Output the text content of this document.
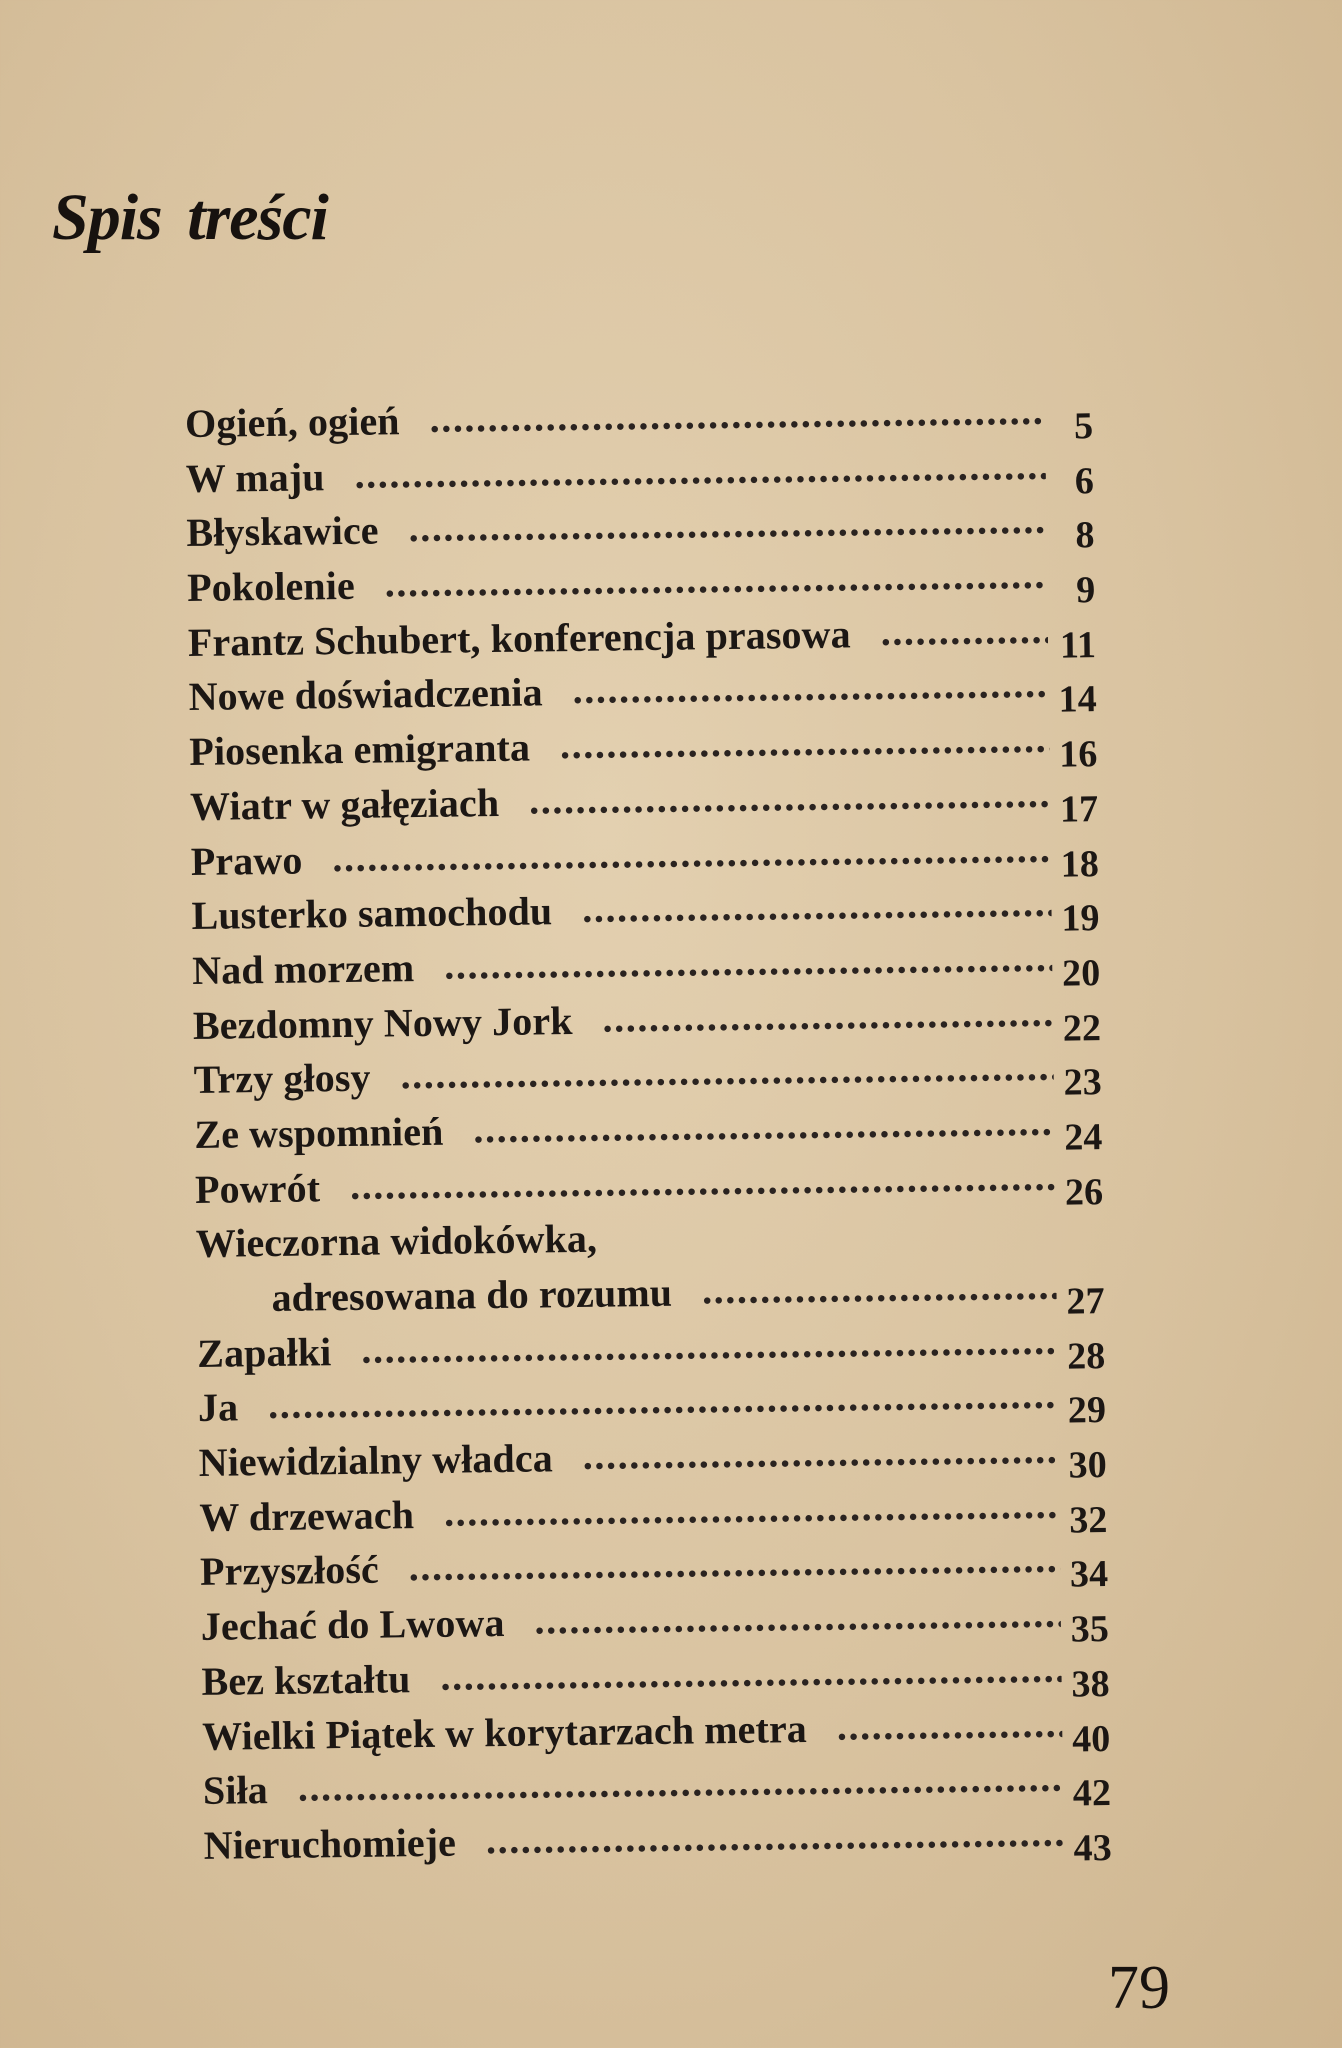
Spis treści
Ogień, ogień . . .	5
W maju . . .	6
Błyskawice . . .	8
Pokolenie . . .	9
Frantz Schubert, konferencja prasowa . . .	11
Nowe doświadczenia . . .	14
Piosenka emigranta . . .	16
Wiatr w gałęziach . . .	17
Prawo . . .	18
Lusterko samochodu . . .	19
Nad morzem . . .	20
Bezdomny Nowy Jork . . .	22
Trzy głosy . . .	23
Ze wspomnień . . .	24
Powrót . . .	26
Wieczorna widokówka,
adresowana do rozumu . . .	27
Zapałki . . .	28
Ja . . .	29
Niewidzialny władca . . .	30
W drzewach . . .	32
Przyszłość . . .	34
Jechać do Lwowa . . .	35
Bez kształtu . . .	38
Wielki Piątek w korytarzach metra . . .	40
Siła . . .	42
Nieruchomieje . . .	43

79
